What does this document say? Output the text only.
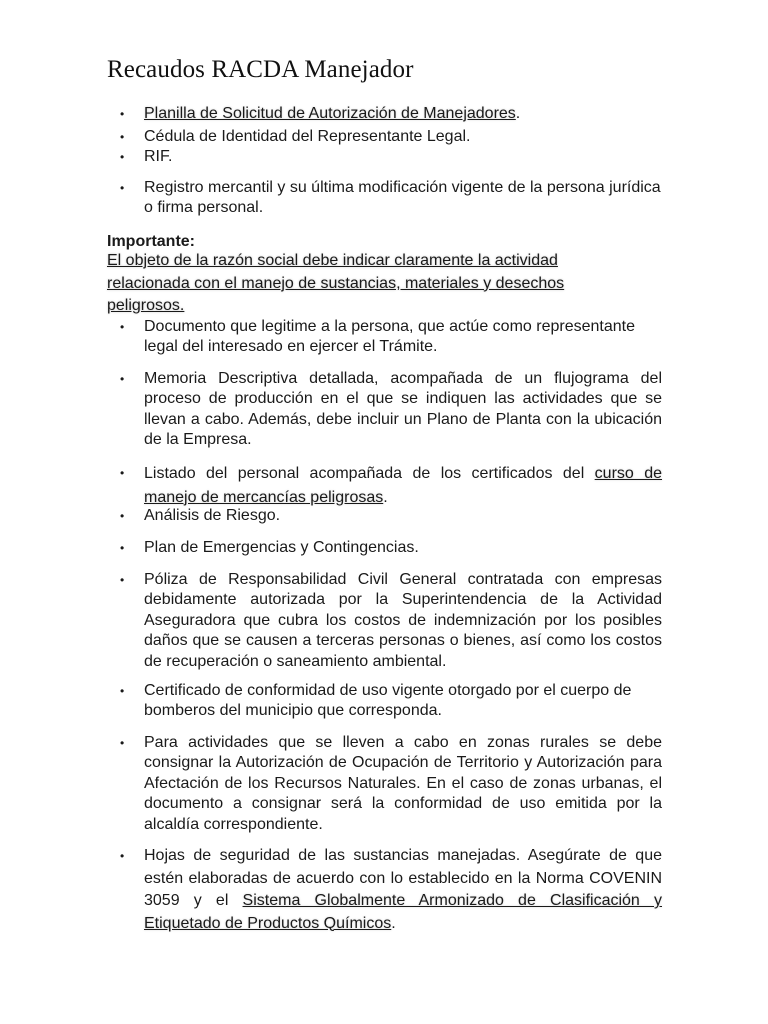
Recaudos RACDA Manejador
•	Planilla de Solicitud de Autorización de Manejadores.
•	Cédula de Identidad del Representante Legal.
•	RIF.
•	Registro mercantil y su última modificación vigente de la persona jurídica o firma personal.

Importante:

El objeto de la razón social debe indicar claramente la actividad relacionada con el manejo de sustancias, materiales y desechos peligrosos.

•	Documento que legitime a la persona, que actúe como representante legal del interesado en ejercer el Trámite.
•	Memoria Descriptiva detallada, acompañada de un flujograma del proceso de producción en el que se indiquen las actividades que se llevan a cabo. Además, debe incluir un Plano de Planta con la ubicación de la Empresa.
•	Listado del personal acompañada de los certificados del curso de manejo de mercancías peligrosas.
•	Análisis de Riesgo.
•	Plan de Emergencias y Contingencias.
•	Póliza de Responsabilidad Civil General contratada con empresas debidamente autorizada por la Superintendencia de la Actividad Aseguradora que cubra los costos de indemnización por los posibles daños que se causen a terceras personas o bienes, así como los costos de recuperación o saneamiento ambiental.
•	Certificado de conformidad de uso vigente otorgado por el cuerpo de bomberos del municipio que corresponda.
•	Para actividades que se lleven a cabo en zonas rurales se debe consignar la Autorización de Ocupación de Territorio y Autorización para Afectación de los Recursos Naturales. En el caso de zonas urbanas, el documento a consignar será la conformidad de uso emitida por la alcaldía correspondiente.
•	Hojas de seguridad de las sustancias manejadas. Asegúrate de que estén elaboradas de acuerdo con lo establecido en la Norma COVENIN 3059 y el Sistema Globalmente Armonizado de Clasificación y Etiquetado de Productos Químicos.
